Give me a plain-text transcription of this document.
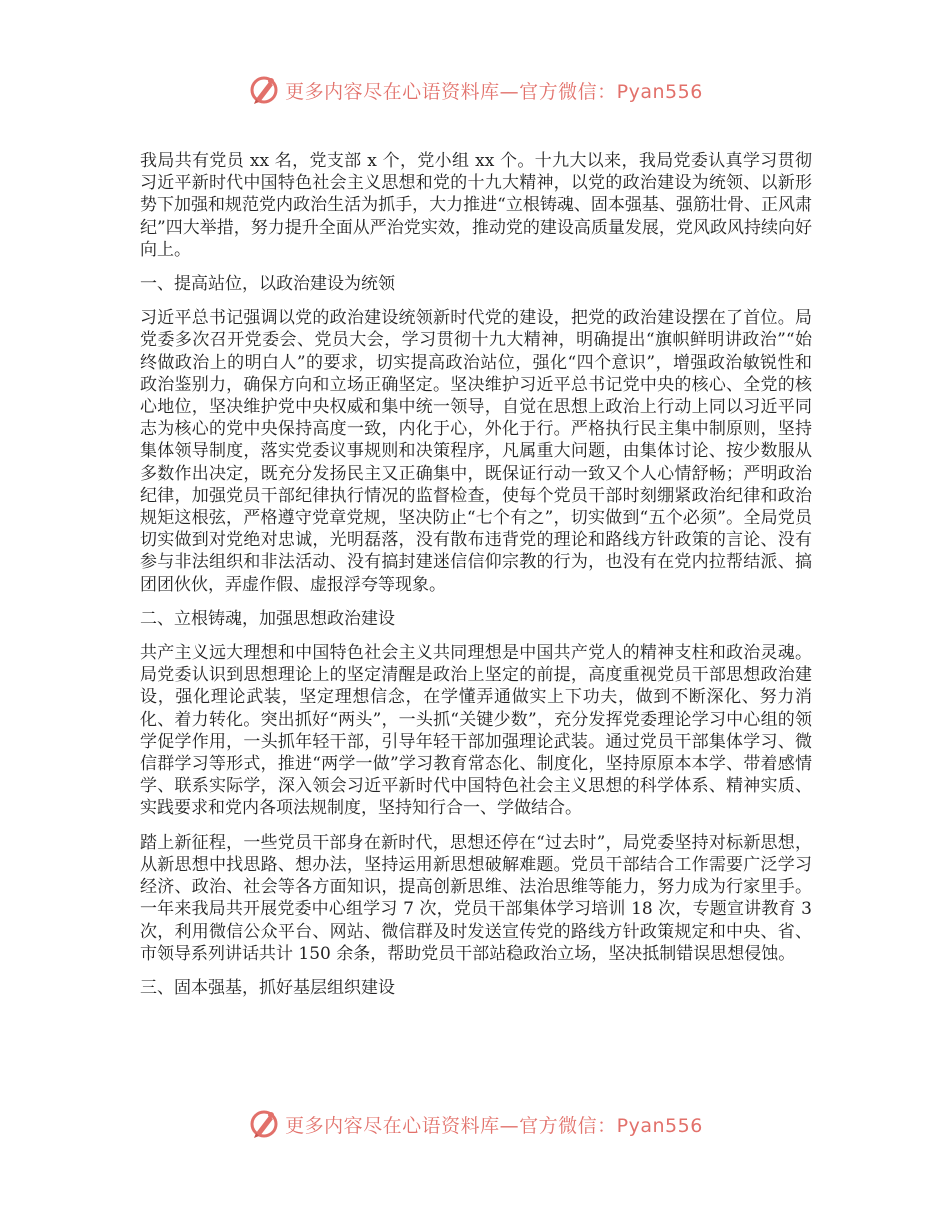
更多内容尽在心语资料库—官方微信：Pyan556

我局共有党员 xx 名，党支部 x 个，党小组 xx 个。十九大以来，我局党委认真学习贯彻习近平新时代中国特色社会主义思想和党的十九大精神，以党的政治建设为统领、以新形势下加强和规范党内政治生活为抓手，大力推进“立根铸魂、固本强基、强筋壮骨、正风肃纪”四大举措，努力提升全面从严治党实效，推动党的建设高质量发展，党风政风持续向好向上。

一、提高站位，以政治建设为统领

习近平总书记强调以党的政治建设统领新时代党的建设，把党的政治建设摆在了首位。局党委多次召开党委会、党员大会，学习贯彻十九大精神，明确提出“旗帜鲜明讲政治”“始终做政治上的明白人”的要求，切实提高政治站位，强化“四个意识”，增强政治敏锐性和政治鉴别力，确保方向和立场正确坚定。坚决维护习近平总书记党中央的核心、全党的核心地位，坚决维护党中央权威和集中统一领导，自觉在思想上政治上行动上同以习近平同志为核心的党中央保持高度一致，内化于心，外化于行。严格执行民主集中制原则，坚持集体领导制度，落实党委议事规则和决策程序，凡属重大问题，由集体讨论、按少数服从多数作出决定，既充分发扬民主又正确集中，既保证行动一致又个人心情舒畅；严明政治纪律，加强党员干部纪律执行情况的监督检查，使每个党员干部时刻绷紧政治纪律和政治规矩这根弦，严格遵守党章党规，坚决防止“七个有之”，切实做到“五个必须”。全局党员切实做到对党绝对忠诚，光明磊落，没有散布违背党的理论和路线方针政策的言论、没有参与非法组织和非法活动、没有搞封建迷信信仰宗教的行为，也没有在党内拉帮结派、搞团团伙伙，弄虚作假、虚报浮夸等现象。

二、立根铸魂，加强思想政治建设

共产主义远大理想和中国特色社会主义共同理想是中国共产党人的精神支柱和政治灵魂。局党委认识到思想理论上的坚定清醒是政治上坚定的前提，高度重视党员干部思想政治建设，强化理论武装，坚定理想信念，在学懂弄通做实上下功夫，做到不断深化、努力消化、着力转化。突出抓好“两头”，一头抓“关键少数”，充分发挥党委理论学习中心组的领学促学作用，一头抓年轻干部，引导年轻干部加强理论武装。通过党员干部集体学习、微信群学习等形式，推进“两学一做”学习教育常态化、制度化，坚持原原本本学、带着感情学、联系实际学，深入领会习近平新时代中国特色社会主义思想的科学体系、精神实质、实践要求和党内各项法规制度，坚持知行合一、学做结合。

踏上新征程，一些党员干部身在新时代，思想还停在“过去时”，局党委坚持对标新思想，从新思想中找思路、想办法，坚持运用新思想破解难题。党员干部结合工作需要广泛学习经济、政治、社会等各方面知识，提高创新思维、法治思维等能力，努力成为行家里手。一年来我局共开展党委中心组学习 7 次，党员干部集体学习培训 18 次，专题宣讲教育 3 次，利用微信公众平台、网站、微信群及时发送宣传党的路线方针政策规定和中央、省、市领导系列讲话共计 150 余条，帮助党员干部站稳政治立场，坚决抵制错误思想侵蚀。

三、固本强基，抓好基层组织建设

更多内容尽在心语资料库—官方微信：Pyan556
